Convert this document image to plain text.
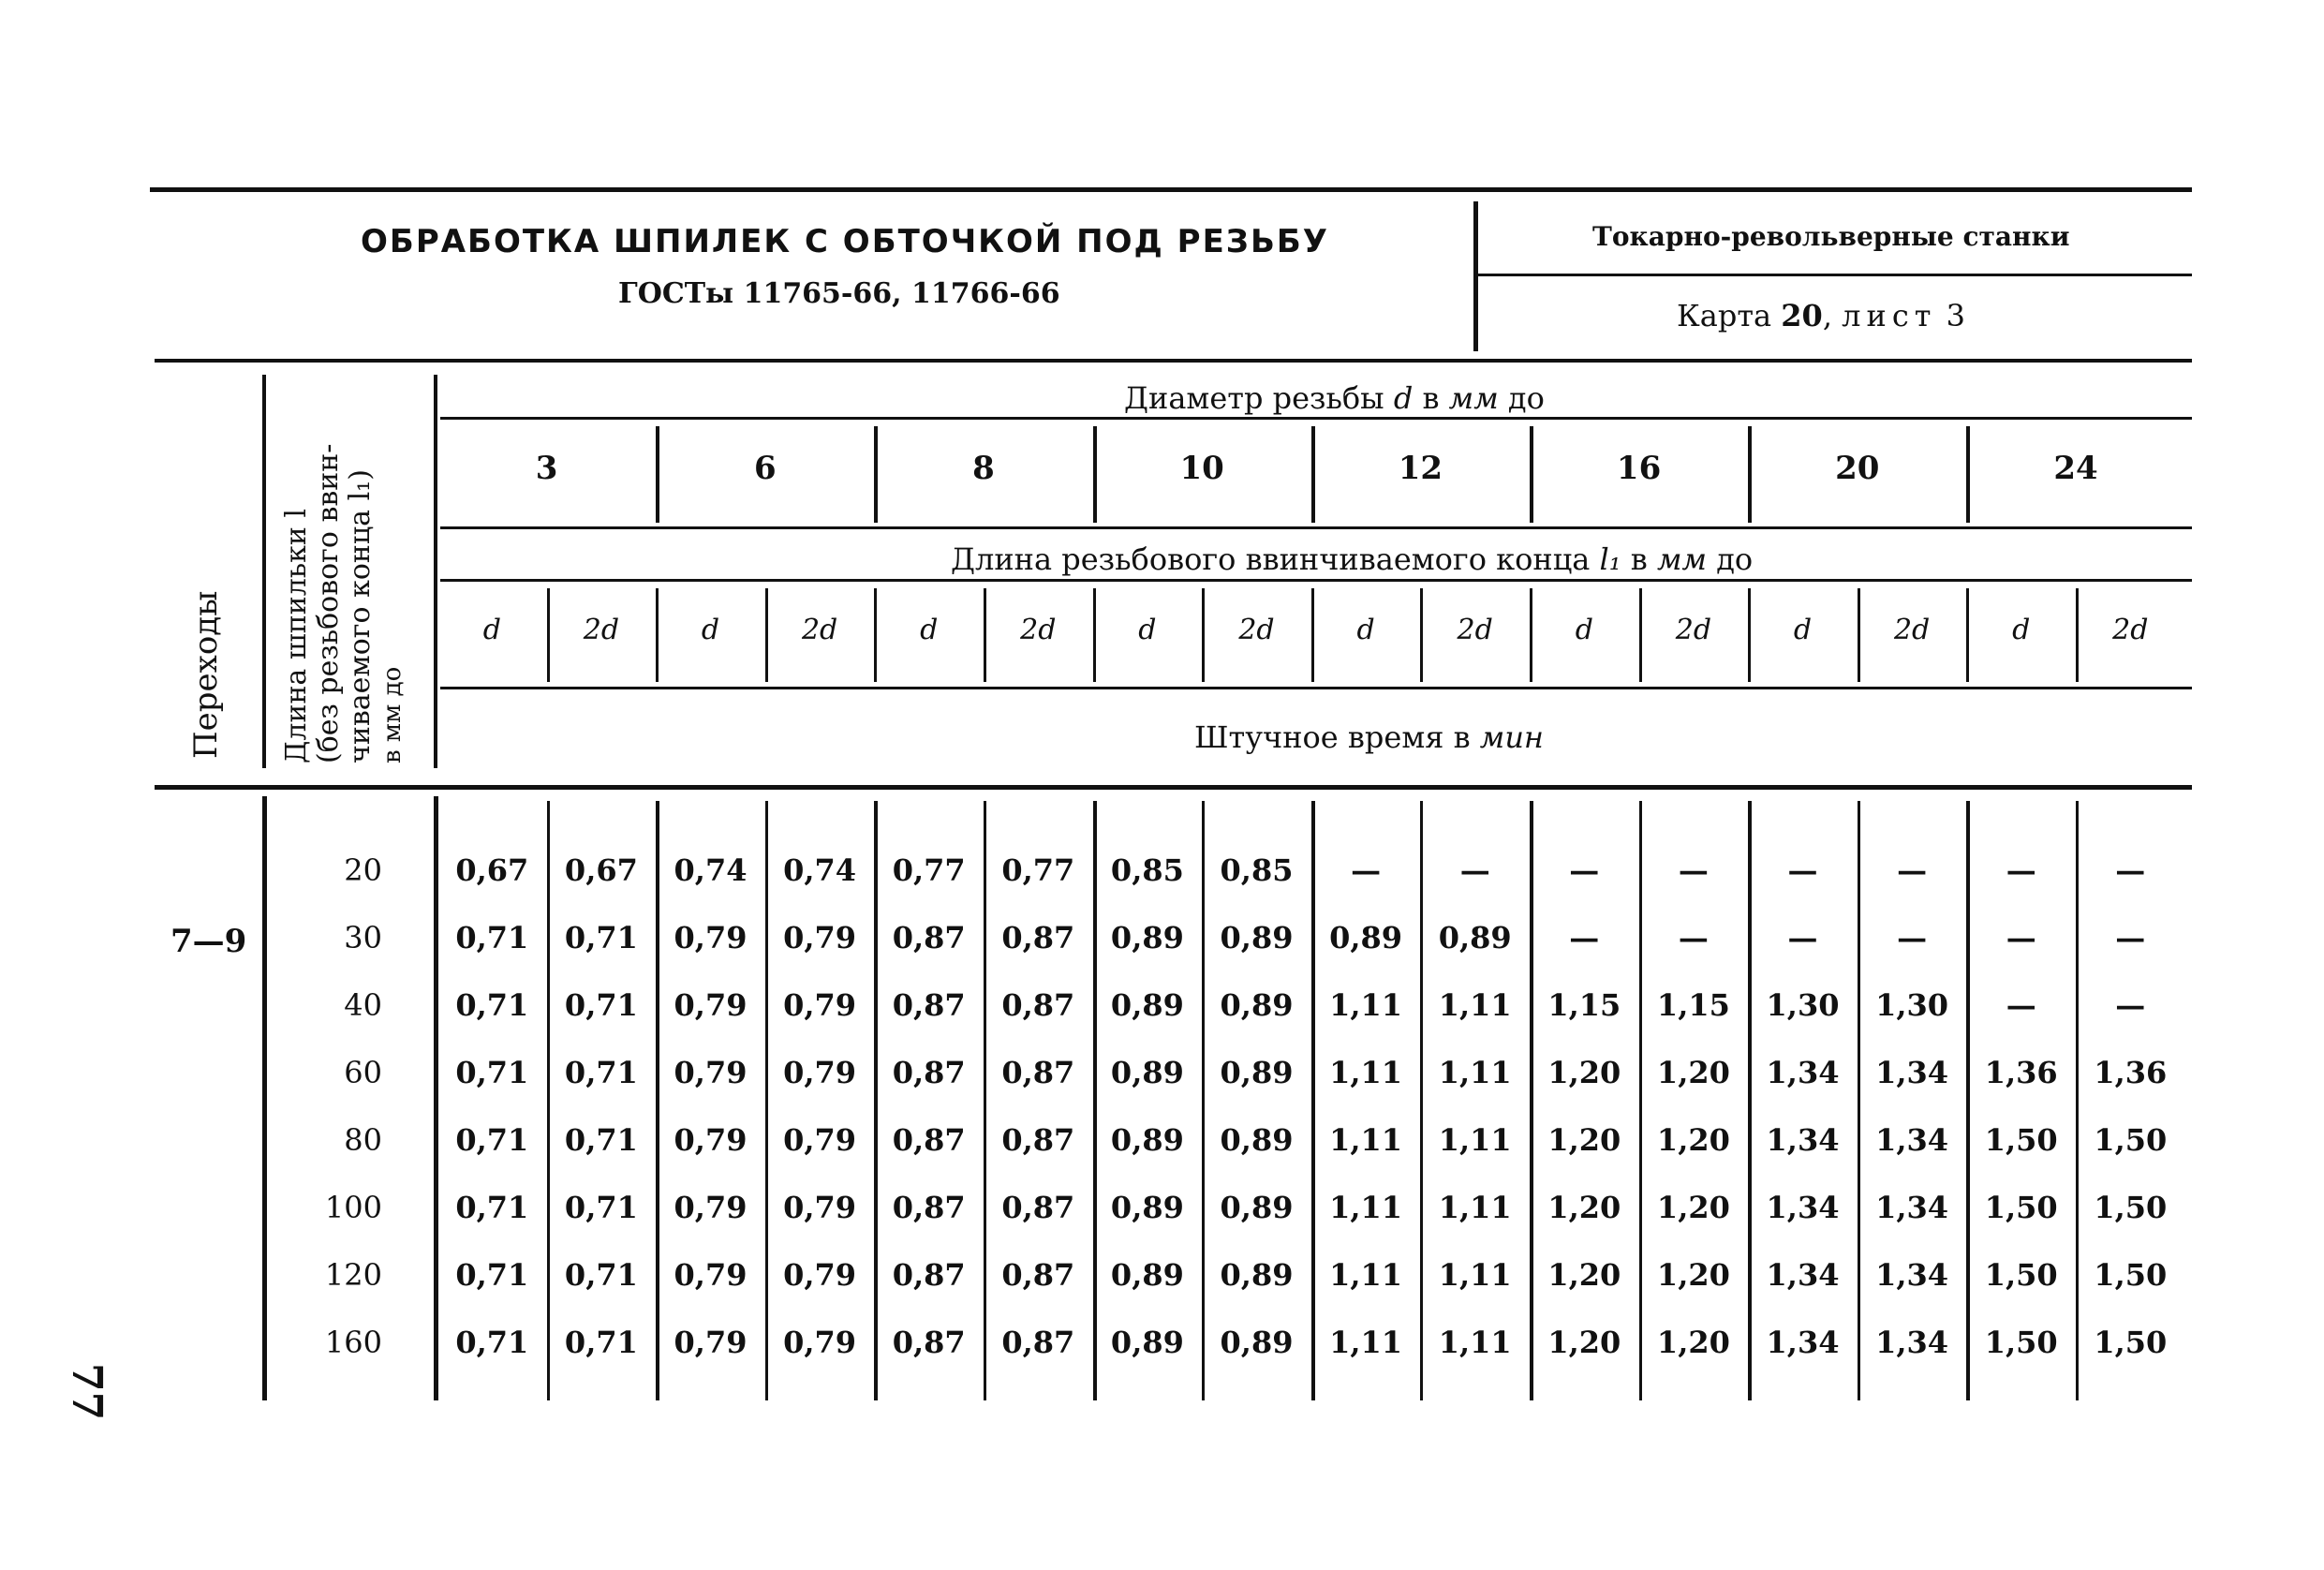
ОБРАБОТКА ШПИЛЕК С ОБТОЧКОЙ ПОД РЕЗЬБУ
ГОСТы 11765-66, 11766-66
Токарно-револьверные станки
Карта 20, лист 3
Переходы Длина шпильки l (без резьбового ввин- чиваемого конца l₁) в мм до
Диаметр резьбы d в мм до
3	6	8	10	12	16	20	24
Длина резьбового ввинчиваемого конца l₁ в мм до
d	2d	d	2d	d	2d	d	2d	d	2d	d	2d	d	2d	d	2d
Штучное время в мин
7—9
20	0,67	0,67	0,74	0,74	0,77	0,77	0,85	0,85	—	—	—	—	—	—	—	—
30	0,71	0,71	0,79	0,79	0,87	0,87	0,89	0,89	0,89	0,89	—	—	—	—	—	—
40	0,71	0,71	0,79	0,79	0,87	0,87	0,89	0,89	1,11	1,11	1,15	1,15	1,30	1,30	—	—
60	0,71	0,71	0,79	0,79	0,87	0,87	0,89	0,89	1,11	1,11	1,20	1,20	1,34	1,34	1,36	1,36
80	0,71	0,71	0,79	0,79	0,87	0,87	0,89	0,89	1,11	1,11	1,20	1,20	1,34	1,34	1,50	1,50
100	0,71	0,71	0,79	0,79	0,87	0,87	0,89	0,89	1,11	1,11	1,20	1,20	1,34	1,34	1,50	1,50
120	0,71	0,71	0,79	0,79	0,87	0,87	0,89	0,89	1,11	1,11	1,20	1,20	1,34	1,34	1,50	1,50
160	0,71	0,71	0,79	0,79	0,87	0,87	0,89	0,89	1,11	1,11	1,20	1,20	1,34	1,34	1,50	1,50
77
